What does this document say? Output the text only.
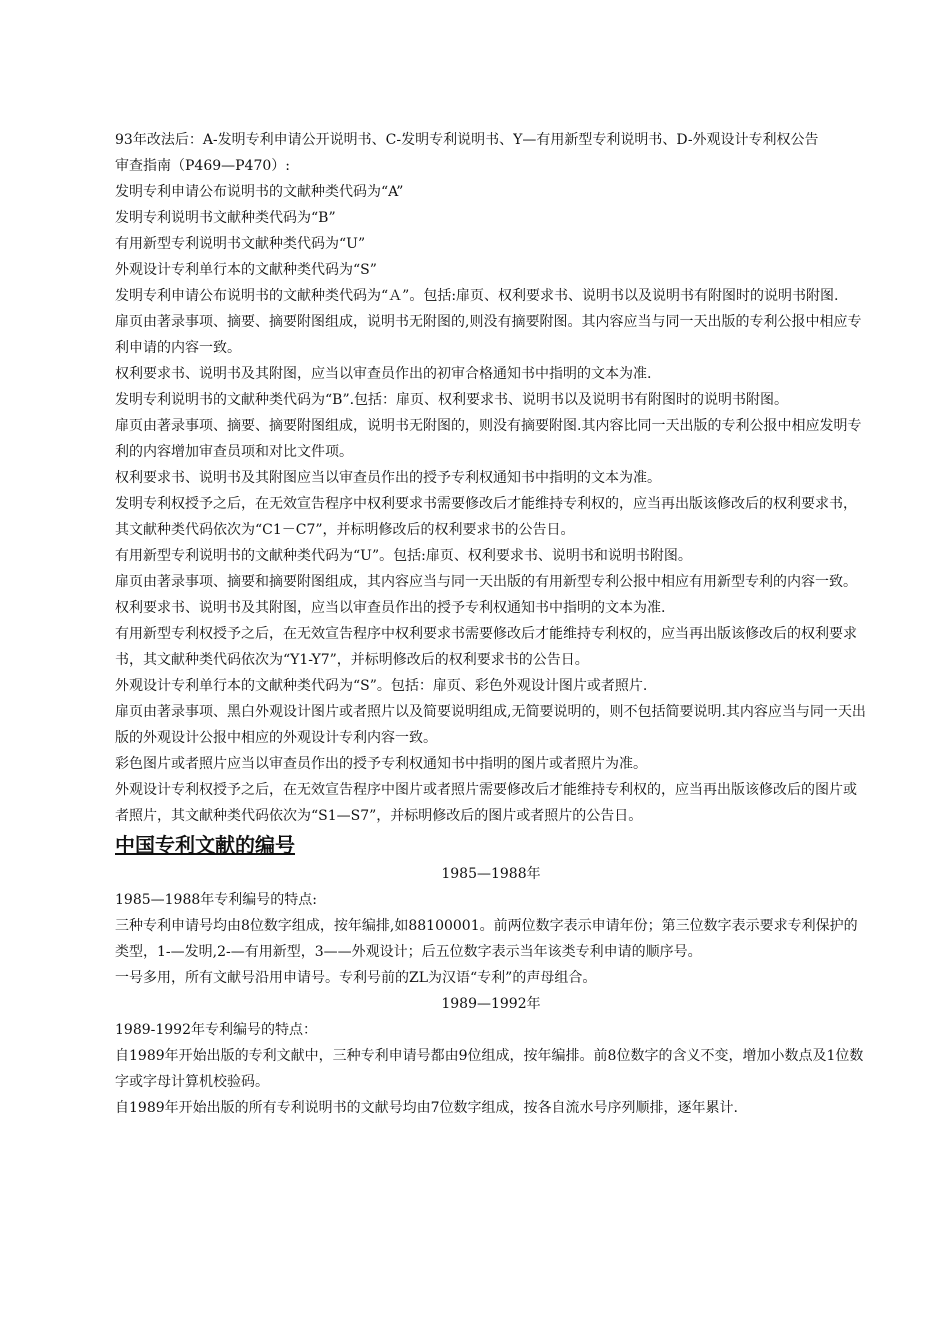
93年改法后：A-发明专利申请公开说明书、C-发明专利说明书、Y—有用新型专利说明书、D-外观设计专利权公告

审查指南（P469—P470）:

发明专利申请公布说明书的文献种类代码为“A”

发明专利说明书文献种类代码为“B”

有用新型专利说明书文献种类代码为“U”

外观设计专利单行本的文献种类代码为“S”

发明专利申请公布说明书的文献种类代码为“Ａ”。包括:扉页、权利要求书、说明书以及说明书有附图时的说明书附图.

扉页由著录事项、摘要、摘要附图组成，说明书无附图的,则没有摘要附图。其内容应当与同一天出版的专利公报中相应专利申请的内容一致。

权利要求书、说明书及其附图，应当以审查员作出的初审合格通知书中指明的文本为准.

发明专利说明书的文献种类代码为“B”.包括：扉页、权利要求书、说明书以及说明书有附图时的说明书附图。

扉页由著录事项、摘要、摘要附图组成，说明书无附图的，则没有摘要附图.其内容比同一天出版的专利公报中相应发明专利的内容增加审查员项和对比文件项。

权利要求书、说明书及其附图应当以审查员作出的授予专利权通知书中指明的文本为准。

发明专利权授予之后，在无效宣告程序中权利要求书需要修改后才能维持专利权的，应当再出版该修改后的权利要求书，其文献种类代码依次为“C1－C7”，并标明修改后的权利要求书的公告日。

有用新型专利说明书的文献种类代码为“U”。包括:扉页、权利要求书、说明书和说明书附图。

扉页由著录事项、摘要和摘要附图组成，其内容应当与同一天出版的有用新型专利公报中相应有用新型专利的内容一致。

权利要求书、说明书及其附图，应当以审查员作出的授予专利权通知书中指明的文本为准.

有用新型专利权授予之后，在无效宣告程序中权利要求书需要修改后才能维持专利权的，应当再出版该修改后的权利要求书，其文献种类代码依次为“Y1-Y7”，并标明修改后的权利要求书的公告日。

外观设计专利单行本的文献种类代码为“S”。包括：扉页、彩色外观设计图片或者照片.

扉页由著录事项、黑白外观设计图片或者照片以及简要说明组成,无简要说明的，则不包括简要说明.其内容应当与同一天出版的外观设计公报中相应的外观设计专利内容一致。

彩色图片或者照片应当以审查员作出的授予专利权通知书中指明的图片或者照片为准。

外观设计专利权授予之后，在无效宣告程序中图片或者照片需要修改后才能维持专利权的，应当再出版该修改后的图片或者照片，其文献种类代码依次为“S1—S7”，并标明修改后的图片或者照片的公告日。

中国专利文献的编号

1985—1988年

1985—1988年专利编号的特点:

三种专利申请号均由8位数字组成，按年编排,如88100001。前两位数字表示申请年份；第三位数字表示要求专利保护的类型，1-—发明,2-—有用新型，3——外观设计；后五位数字表示当年该类专利申请的顺序号。

一号多用，所有文献号沿用申请号。专利号前的ZL为汉语“专利”的声母组合。

1989—1992年

1989-1992年专利编号的特点：

自1989年开始出版的专利文献中，三种专利申请号都由9位组成，按年编排。前8位数字的含义不变，增加小数点及1位数字或字母计算机校验码。

自1989年开始出版的所有专利说明书的文献号均由7位数字组成，按各自流水号序列顺排，逐年累计.
